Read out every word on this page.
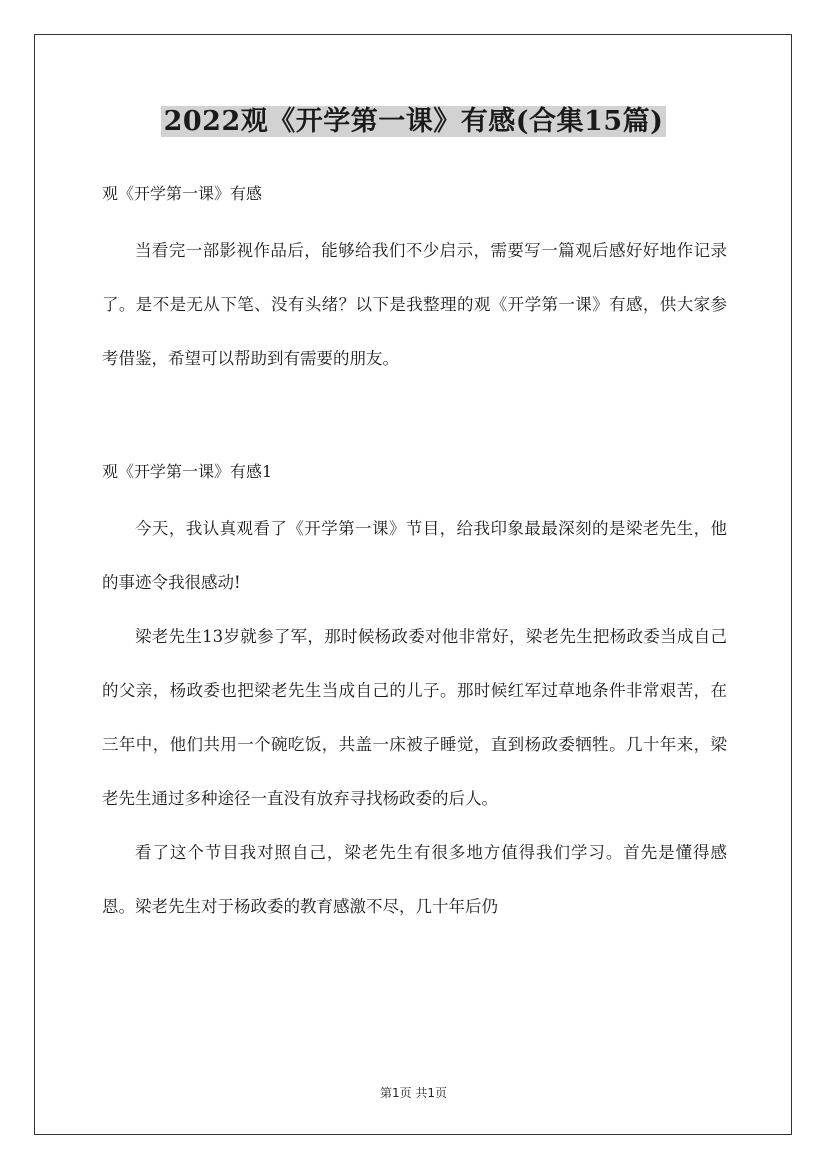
2022观《开学第一课》有感(合集15篇)

观《开学第一课》有感

当看完一部影视作品后，能够给我们不少启示，需要写一篇观后感好好地作记录了。是不是无从下笔、没有头绪？以下是我整理的观《开学第一课》有感，供大家参考借鉴，希望可以帮助到有需要的朋友。

观《开学第一课》有感1

今天，我认真观看了《开学第一课》节目，给我印象最最深刻的是梁老先生，他的事迹令我很感动!

梁老先生13岁就参了军，那时候杨政委对他非常好，梁老先生把杨政委当成自己的父亲，杨政委也把梁老先生当成自己的儿子。那时候红军过草地条件非常艰苦，在三年中，他们共用一个碗吃饭，共盖一床被子睡觉，直到杨政委牺牲。几十年来，梁老先生通过多种途径一直没有放弃寻找杨政委的后人。

看了这个节目我对照自己，梁老先生有很多地方值得我们学习。首先是懂得感恩。梁老先生对于杨政委的教育感激不尽，几十年后仍

第1页 共1页
